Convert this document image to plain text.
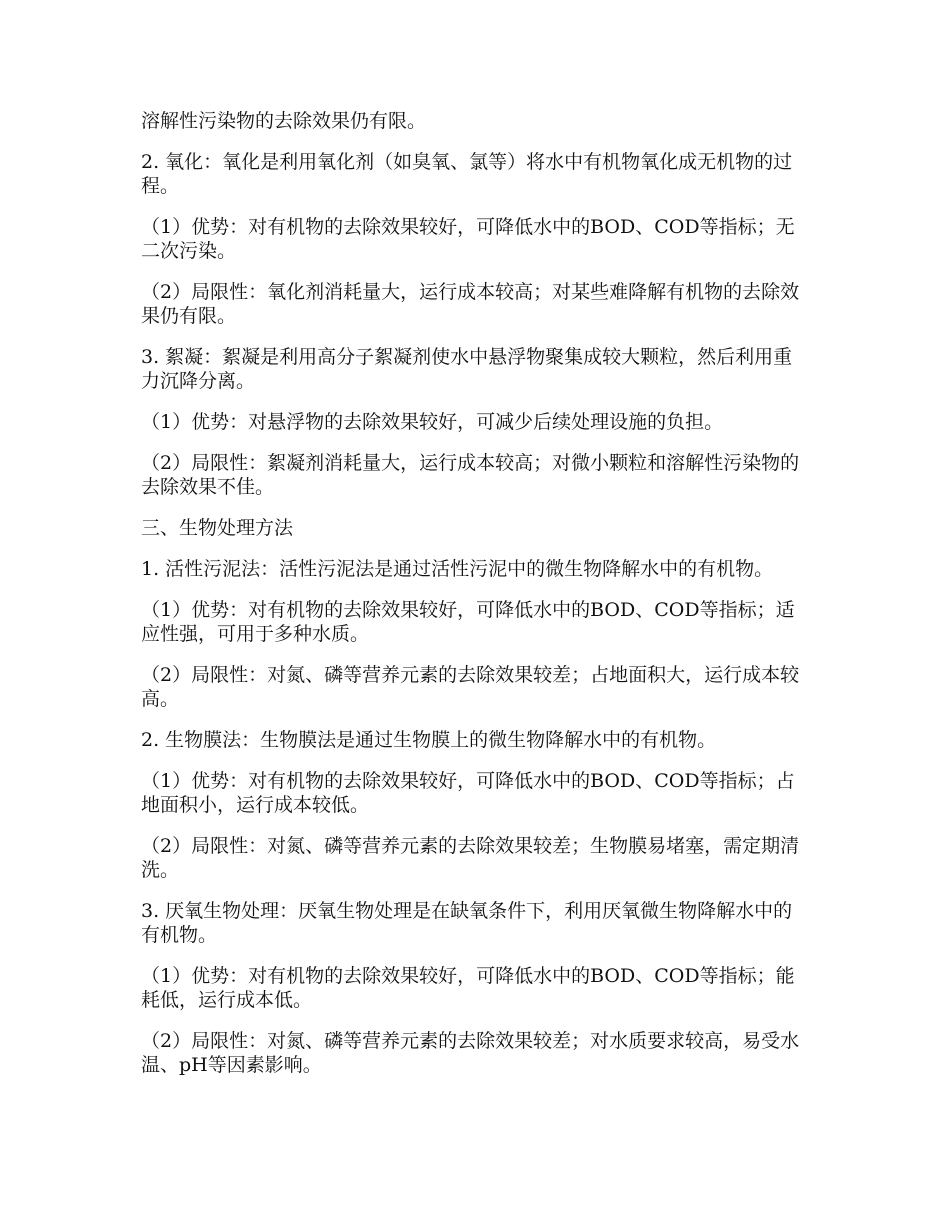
溶解性污染物的去除效果仍有限。

2. 氧化：氧化是利用氧化剂（如臭氧、氯等）将水中有机物氧化成无机物的过程。

（1）优势：对有机物的去除效果较好，可降低水中的BOD、COD等指标；无二次污染。

（2）局限性：氧化剂消耗量大，运行成本较高；对某些难降解有机物的去除效果仍有限。

3. 絮凝：絮凝是利用高分子絮凝剂使水中悬浮物聚集成较大颗粒，然后利用重力沉降分离。

（1）优势：对悬浮物的去除效果较好，可减少后续处理设施的负担。

（2）局限性：絮凝剂消耗量大，运行成本较高；对微小颗粒和溶解性污染物的去除效果不佳。

三、生物处理方法

1. 活性污泥法：活性污泥法是通过活性污泥中的微生物降解水中的有机物。

（1）优势：对有机物的去除效果较好，可降低水中的BOD、COD等指标；适应性强，可用于多种水质。

（2）局限性：对氮、磷等营养元素的去除效果较差；占地面积大，运行成本较高。

2. 生物膜法：生物膜法是通过生物膜上的微生物降解水中的有机物。

（1）优势：对有机物的去除效果较好，可降低水中的BOD、COD等指标；占地面积小，运行成本较低。

（2）局限性：对氮、磷等营养元素的去除效果较差；生物膜易堵塞，需定期清洗。

3. 厌氧生物处理：厌氧生物处理是在缺氧条件下，利用厌氧微生物降解水中的有机物。

（1）优势：对有机物的去除效果较好，可降低水中的BOD、COD等指标；能耗低，运行成本低。

（2）局限性：对氮、磷等营养元素的去除效果较差；对水质要求较高，易受水温、pH等因素影响。
